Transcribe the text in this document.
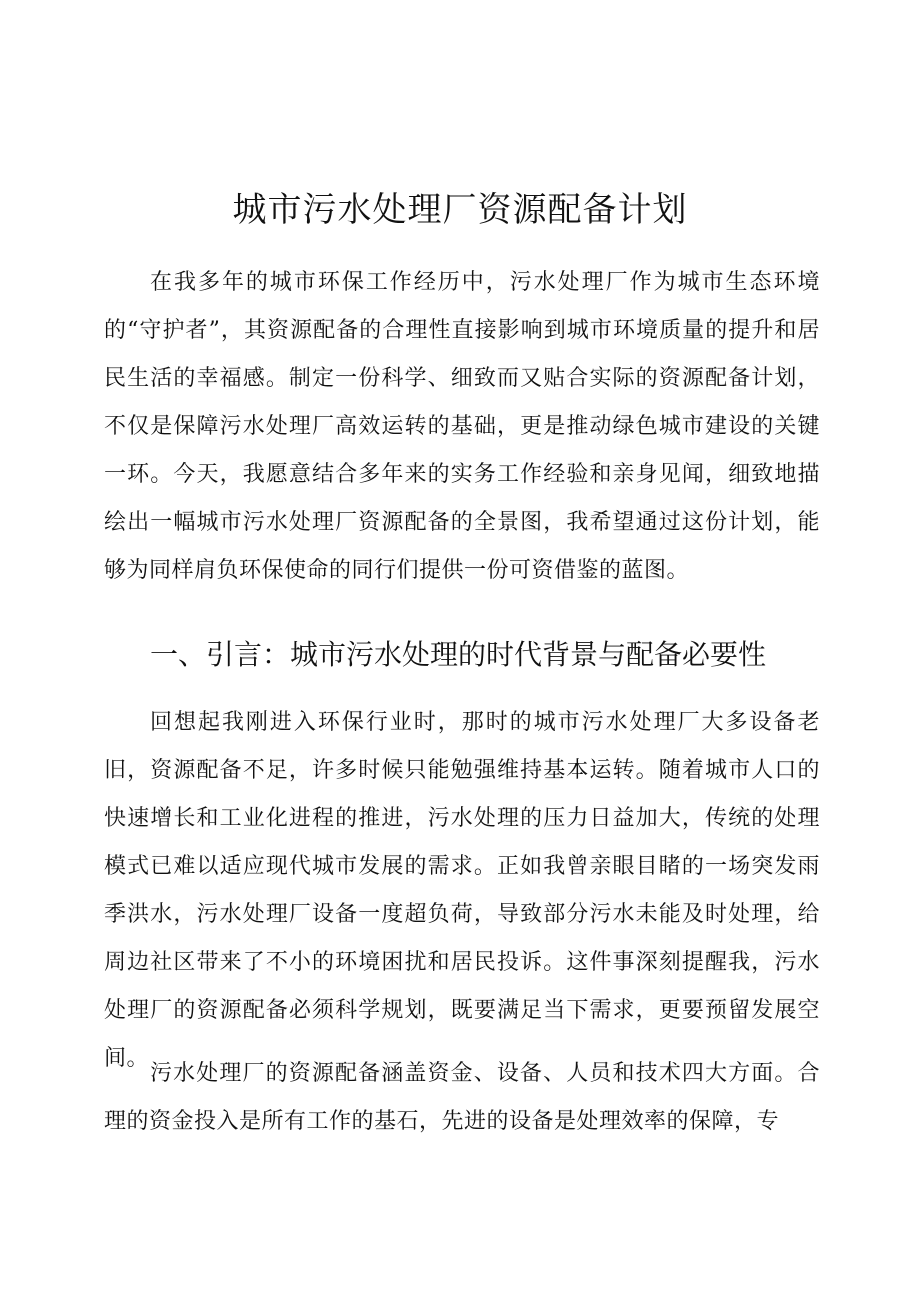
城市污水处理厂资源配备计划

在我多年的城市环保工作经历中，污水处理厂作为城市生态环境的“守护者”，其资源配备的合理性直接影响到城市环境质量的提升和居民生活的幸福感。制定一份科学、细致而又贴合实际的资源配备计划，不仅是保障污水处理厂高效运转的基础，更是推动绿色城市建设的关键一环。今天，我愿意结合多年来的实务工作经验和亲身见闻，细致地描绘出一幅城市污水处理厂资源配备的全景图，我希望通过这份计划，能够为同样肩负环保使命的同行们提供一份可资借鉴的蓝图。

一、引言：城市污水处理的时代背景与配备必要性

回想起我刚进入环保行业时，那时的城市污水处理厂大多设备老旧，资源配备不足，许多时候只能勉强维持基本运转。随着城市人口的快速增长和工业化进程的推进，污水处理的压力日益加大，传统的处理模式已难以适应现代城市发展的需求。正如我曾亲眼目睹的一场突发雨季洪水，污水处理厂设备一度超负荷，导致部分污水未能及时处理，给周边社区带来了不小的环境困扰和居民投诉。这件事深刻提醒我，污水处理厂的资源配备必须科学规划，既要满足当下需求，更要预留发展空间。

污水处理厂的资源配备涵盖资金、设备、人员和技术四大方面。合理的资金投入是所有工作的基石，先进的设备是处理效率的保障，专
